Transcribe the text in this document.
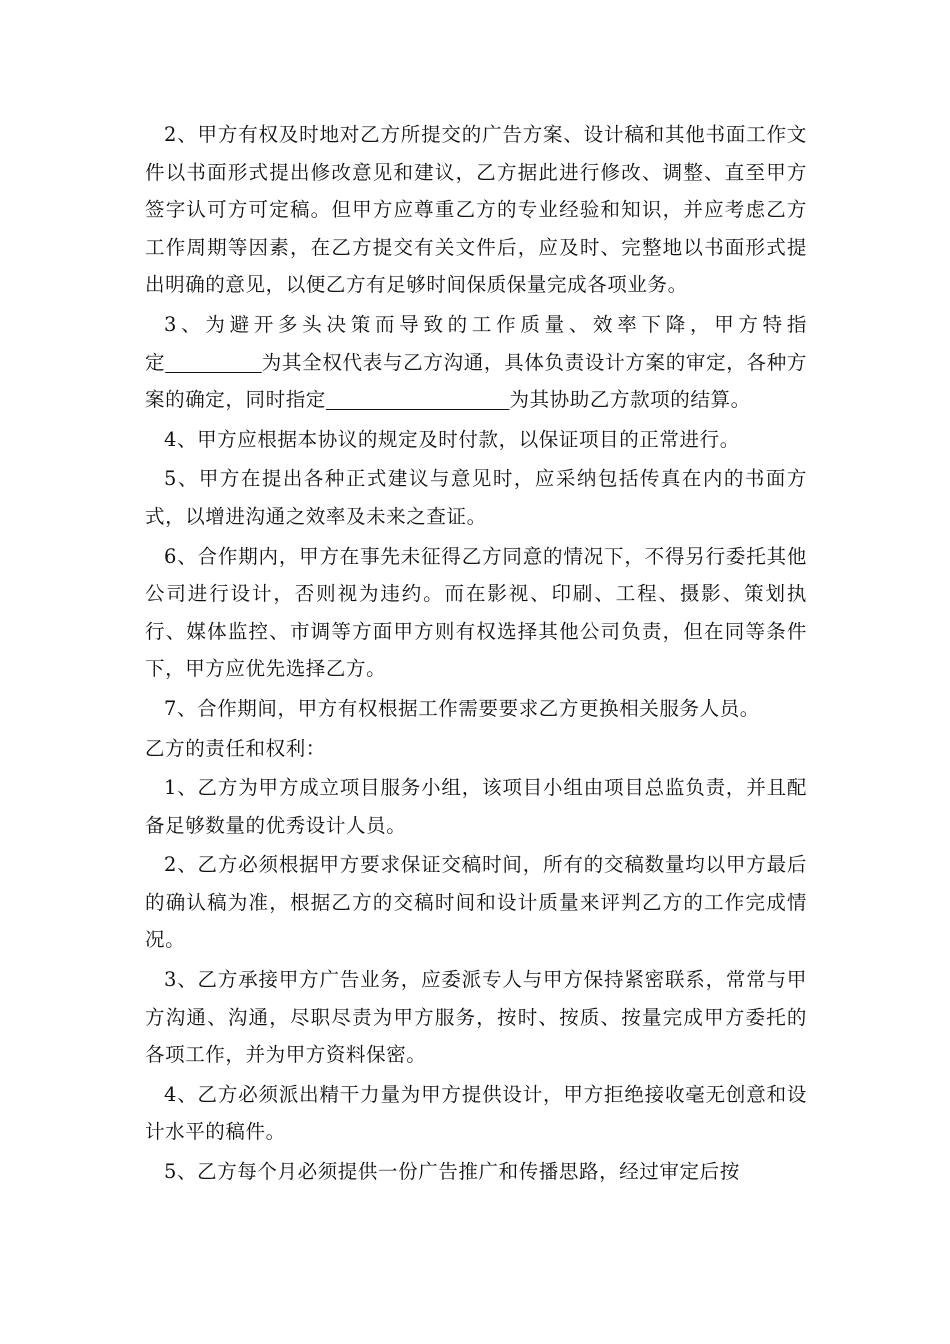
2、甲方有权及时地对乙方所提交的广告方案、设计稿和其他书面工作文件以书面形式提出修改意见和建议，乙方据此进行修改、调整、直至甲方签字认可方可定稿。但甲方应尊重乙方的专业经验和知识，并应考虑乙方工作周期等因素，在乙方提交有关文件后，应及时、完整地以书面形式提出明确的意见，以便乙方有足够时间保质保量完成各项业务。

3、为避开多头决策而导致的工作质量、效率下降，甲方特指定	为其全权代表与乙方沟通，具体负责设计方案的审定，各种方案的确定，同时指定	为其协助乙方款项的结算。

4、甲方应根据本协议的规定及时付款，以保证项目的正常进行。

5、甲方在提出各种正式建议与意见时，应采纳包括传真在内的书面方式，以增进沟通之效率及未来之查证。

6、合作期内，甲方在事先未征得乙方同意的情况下，不得另行委托其他公司进行设计，否则视为违约。而在影视、印刷、工程、摄影、策划执行、媒体监控、市调等方面甲方则有权选择其他公司负责，但在同等条件下，甲方应优先选择乙方。

7、合作期间，甲方有权根据工作需要要求乙方更换相关服务人员。

乙方的责任和权利：

1、乙方为甲方成立项目服务小组，该项目小组由项目总监负责，并且配备足够数量的优秀设计人员。

2、乙方必须根据甲方要求保证交稿时间，所有的交稿数量均以甲方最后的确认稿为准，根据乙方的交稿时间和设计质量来评判乙方的工作完成情况。

3、乙方承接甲方广告业务，应委派专人与甲方保持紧密联系，常常与甲方沟通、沟通，尽职尽责为甲方服务，按时、按质、按量完成甲方委托的各项工作，并为甲方资料保密。

4、乙方必须派出精干力量为甲方提供设计，甲方拒绝接收毫无创意和设计水平的稿件。

5、乙方每个月必须提供一份广告推广和传播思路，经过审定后按
